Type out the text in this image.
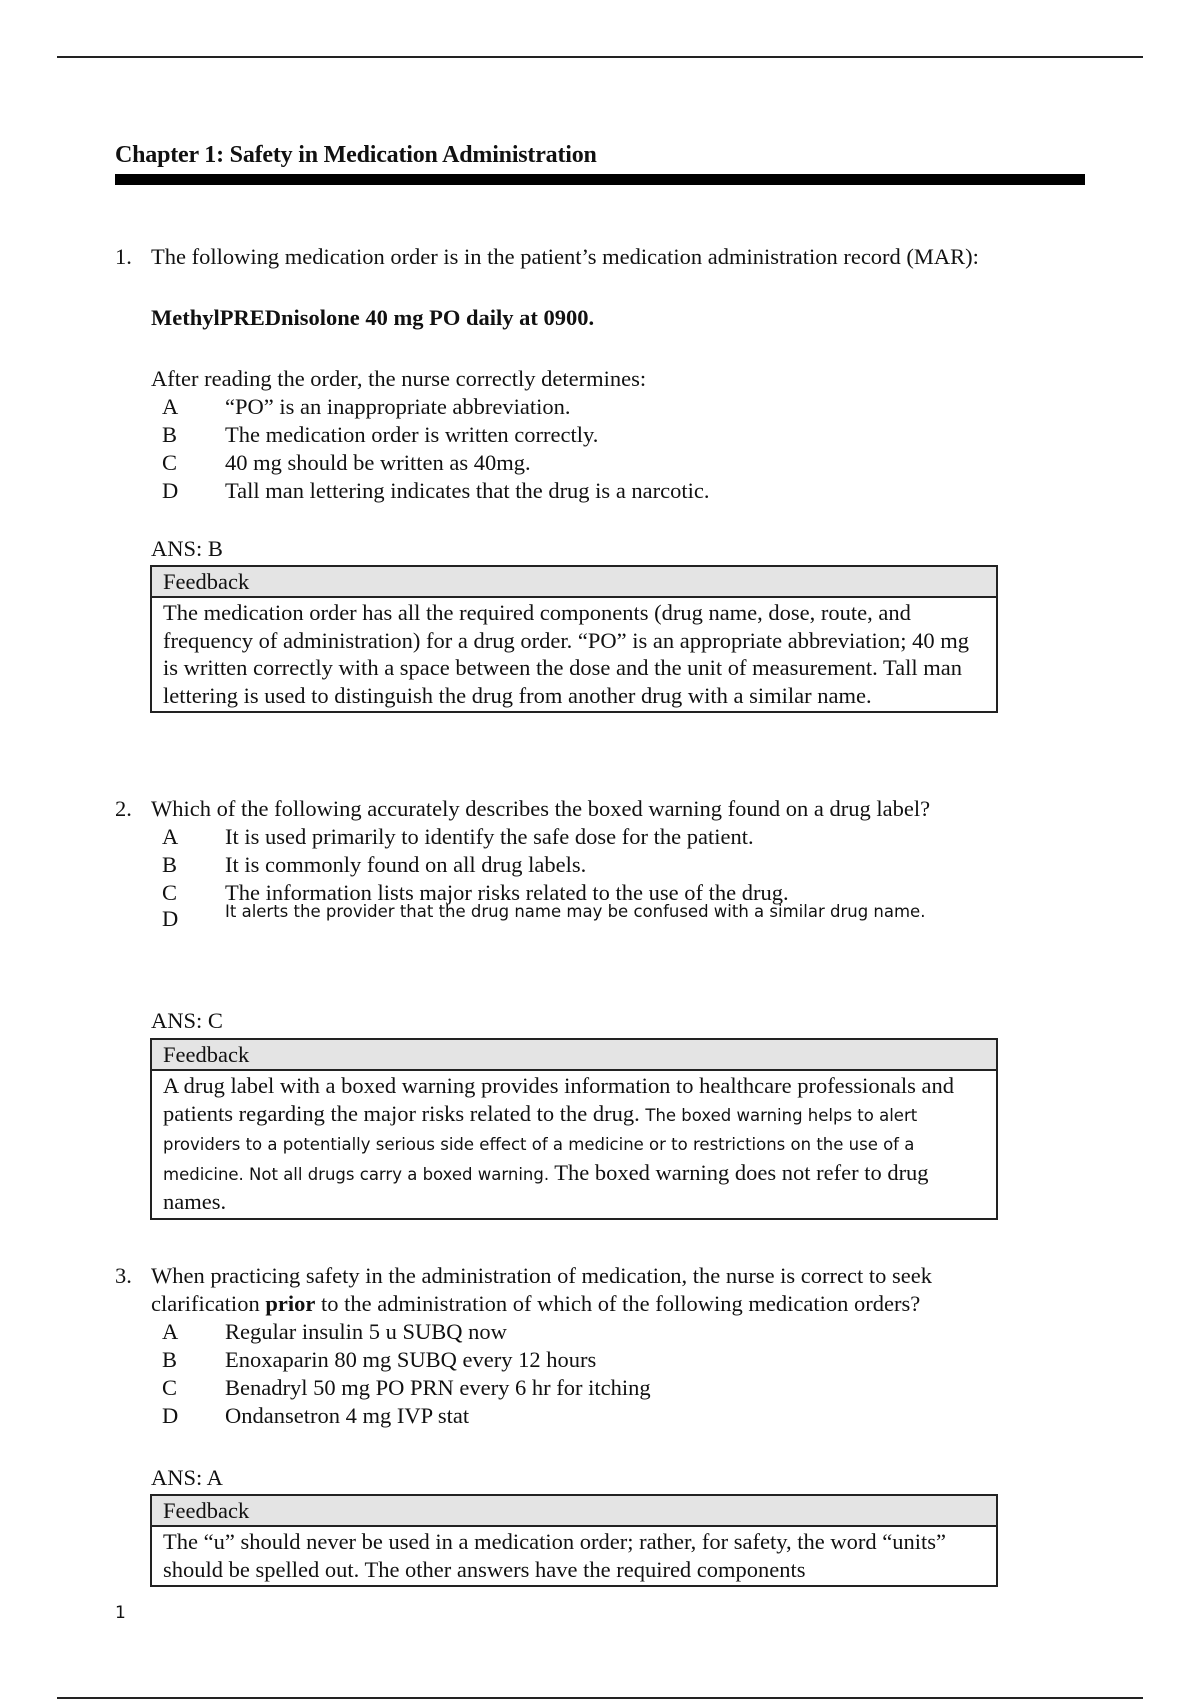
Chapter 1: Safety in Medication Administration
1. The following medication order is in the patient’s medication administration record (MAR):
MethylPREDnisolone 40 mg PO daily at 0900.
After reading the order, the nurse correctly determines:
A “PO” is an inappropriate abbreviation.
B The medication order is written correctly.
C 40 mg should be written as 40mg.
D Tall man lettering indicates that the drug is a narcotic.
ANS: B
Feedback
The medication order has all the required components (drug name, dose, route, and frequency of administration) for a drug order. “PO” is an appropriate abbreviation; 40 mg is written correctly with a space between the dose and the unit of measurement. Tall man lettering is used to distinguish the drug from another drug with a similar name.
2. Which of the following accurately describes the boxed warning found on a drug label?
A It is used primarily to identify the safe dose for the patient.
B It is commonly found on all drug labels.
C The information lists major risks related to the use of the drug.
D	It alerts the provider that the drug name may be confused with a similar drug name.
ANS: C
Feedback
A drug label with a boxed warning provides information to healthcare professionals and patients regarding the major risks related to the drug. The boxed warning helps to alert providers to a potentially serious side effect of a medicine or to restrictions on the use of a medicine. Not all drugs carry a boxed warning. The boxed warning does not refer to drug names.
3. When practicing safety in the administration of medication, the nurse is correct to seek clarification prior to the administration of which of the following medication orders?
A Regular insulin 5 u SUBQ now
B Enoxaparin 80 mg SUBQ every 12 hours
C Benadryl 50 mg PO PRN every 6 hr for itching
D Ondansetron 4 mg IVP stat
ANS: A
Feedback
The “u” should never be used in a medication order; rather, for safety, the word “units” should be spelled out. The other answers have the required components
1
